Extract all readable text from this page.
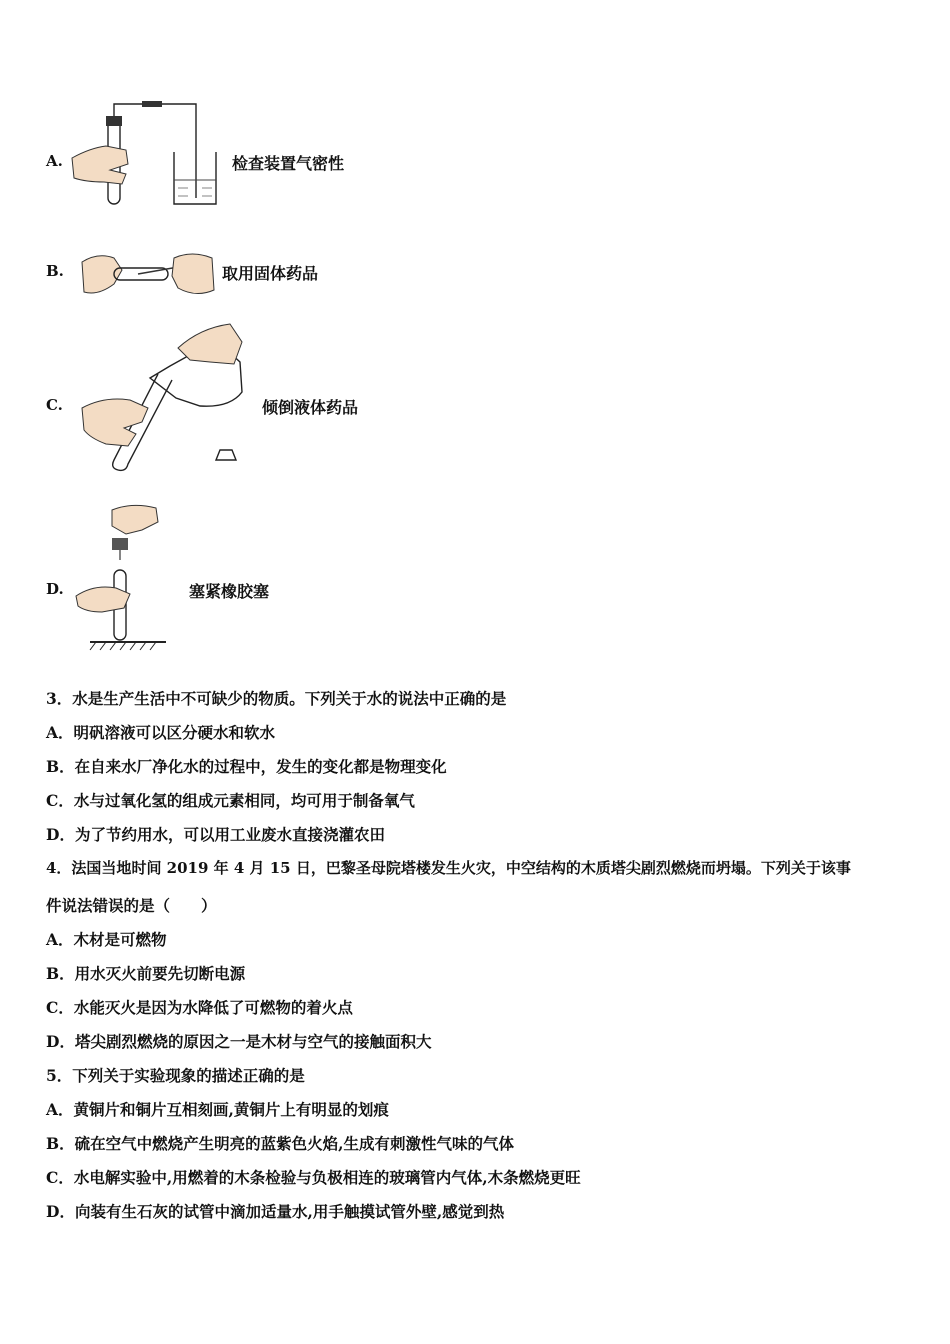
A.	检查装置气密性
B.	取用固体药品
C.	倾倒液体药品
D.	塞紧橡胶塞
3．水是生产生活中不可缺少的物质。下列关于水的说法中正确的是
A．明矾溶液可以区分硬水和软水
B．在自来水厂净化水的过程中，发生的变化都是物理变化
C．水与过氧化氢的组成元素相同，均可用于制备氧气
D．为了节约用水，可以用工业废水直接浇灌农田
4．法国当地时间 2019 年 4 月 15 日，巴黎圣母院塔楼发生火灾，中空结构的木质塔尖剧烈燃烧而坍塌。下列关于该事
件说法错误的是（　　）
A．木材是可燃物
B．用水灭火前要先切断电源
C．水能灭火是因为水降低了可燃物的着火点
D．塔尖剧烈燃烧的原因之一是木材与空气的接触面积大
5．下列关于实验现象的描述正确的是
A．黄铜片和铜片互相刻画,黄铜片上有明显的划痕
B．硫在空气中燃烧产生明亮的蓝紫色火焰,生成有刺激性气味的气体
C．水电解实验中,用燃着的木条检验与负极相连的玻璃管内气体,木条燃烧更旺
D．向装有生石灰的试管中滴加适量水,用手触摸试管外壁,感觉到热
